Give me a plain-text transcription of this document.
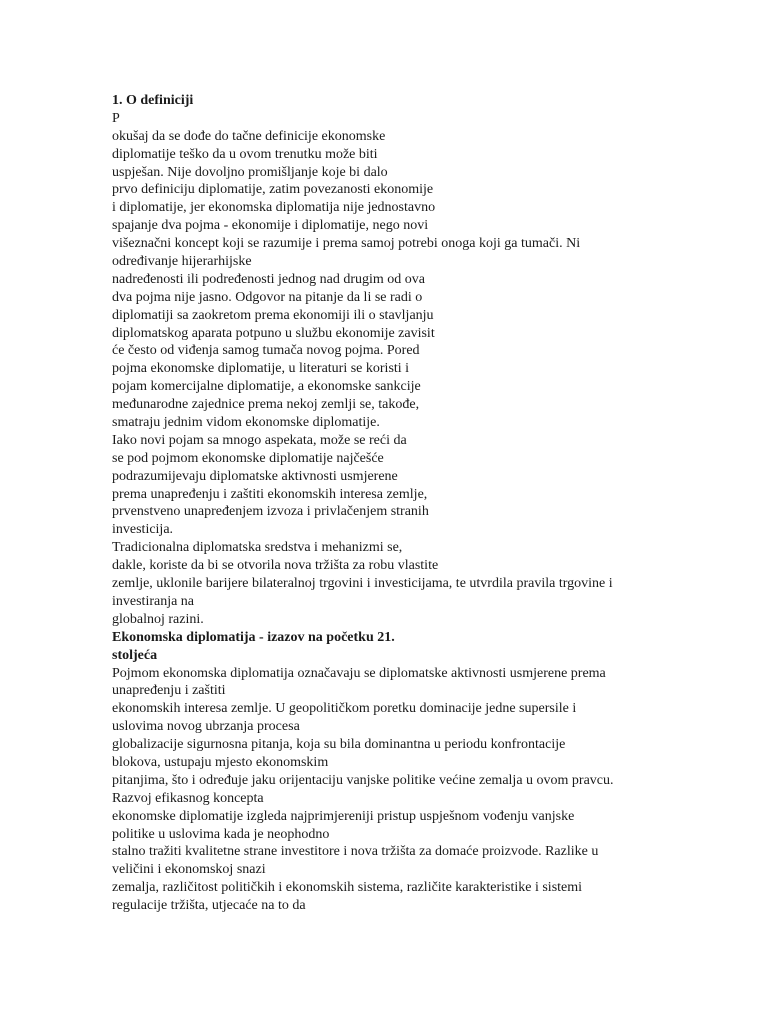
1. O definiciji
P
okušaj da se dođe do tačne definicije ekonomske
diplomatije teško da u ovom trenutku može biti
uspješan. Nije dovoljno promišljanje koje bi dalo
prvo definiciju diplomatije, zatim povezanosti ekonomije
i diplomatije, jer ekonomska diplomatija nije jednostavno
spajanje dva pojma - ekonomije i diplomatije, nego novi
višeznačni koncept koji se razumije i prema samoj potrebi onoga koji ga tumači. Ni
određivanje hijerarhijske
nadređenosti ili podređenosti jednog nad drugim od ova
dva pojma nije jasno. Odgovor na pitanje da li se radi o
diplomatiji sa zaokretom prema ekonomiji ili o stavljanju
diplomatskog aparata potpuno u službu ekonomije zavisit
će često od viđenja samog tumača novog pojma. Pored
pojma ekonomske diplomatije, u literaturi se koristi i
pojam komercijalne diplomatije, a ekonomske sankcije
međunarodne zajednice prema nekoj zemlji se, takođe,
smatraju jednim vidom ekonomske diplomatije.
Iako novi pojam sa mnogo aspekata, može se reći da
se pod pojmom ekonomske diplomatije najčešće
podrazumijevaju diplomatske aktivnosti usmjerene
prema unapređenju i zaštiti ekonomskih interesa zemlje,
prvenstveno unapređenjem izvoza i privlačenjem stranih
investicija.
Tradicionalna diplomatska sredstva i mehanizmi se,
dakle, koriste da bi se otvorila nova tržišta za robu vlastite
zemlje, uklonile barijere bilateralnoj trgovini i investicijama, te utvrdila pravila trgovine i
investiranja na
globalnoj razini.
Ekonomska diplomatija - izazov na početku 21.
stoljeća
Pojmom ekonomska diplomatija označavaju se diplomatske aktivnosti usmjerene prema
unapređenju i zaštiti
ekonomskih interesa zemlje. U geopolitičkom poretku dominacije jedne supersile i
uslovima novog ubrzanja procesa
globalizacije sigurnosna pitanja, koja su bila dominantna u periodu konfrontacije
blokova, ustupaju mjesto ekonomskim
pitanjima, što i određuje jaku orijentaciju vanjske politike većine zemalja u ovom pravcu.
Razvoj efikasnog koncepta
ekonomske diplomatije izgleda najprimjereniji pristup uspješnom vođenju vanjske
politike u uslovima kada je neophodno
stalno tražiti kvalitetne strane investitore i nova tržišta za domaće proizvode. Razlike u
veličini i ekonomskoj snazi
zemalja, različitost političkih i ekonomskih sistema, različite karakteristike i sistemi
regulacije tržišta, utjecaće na to da
